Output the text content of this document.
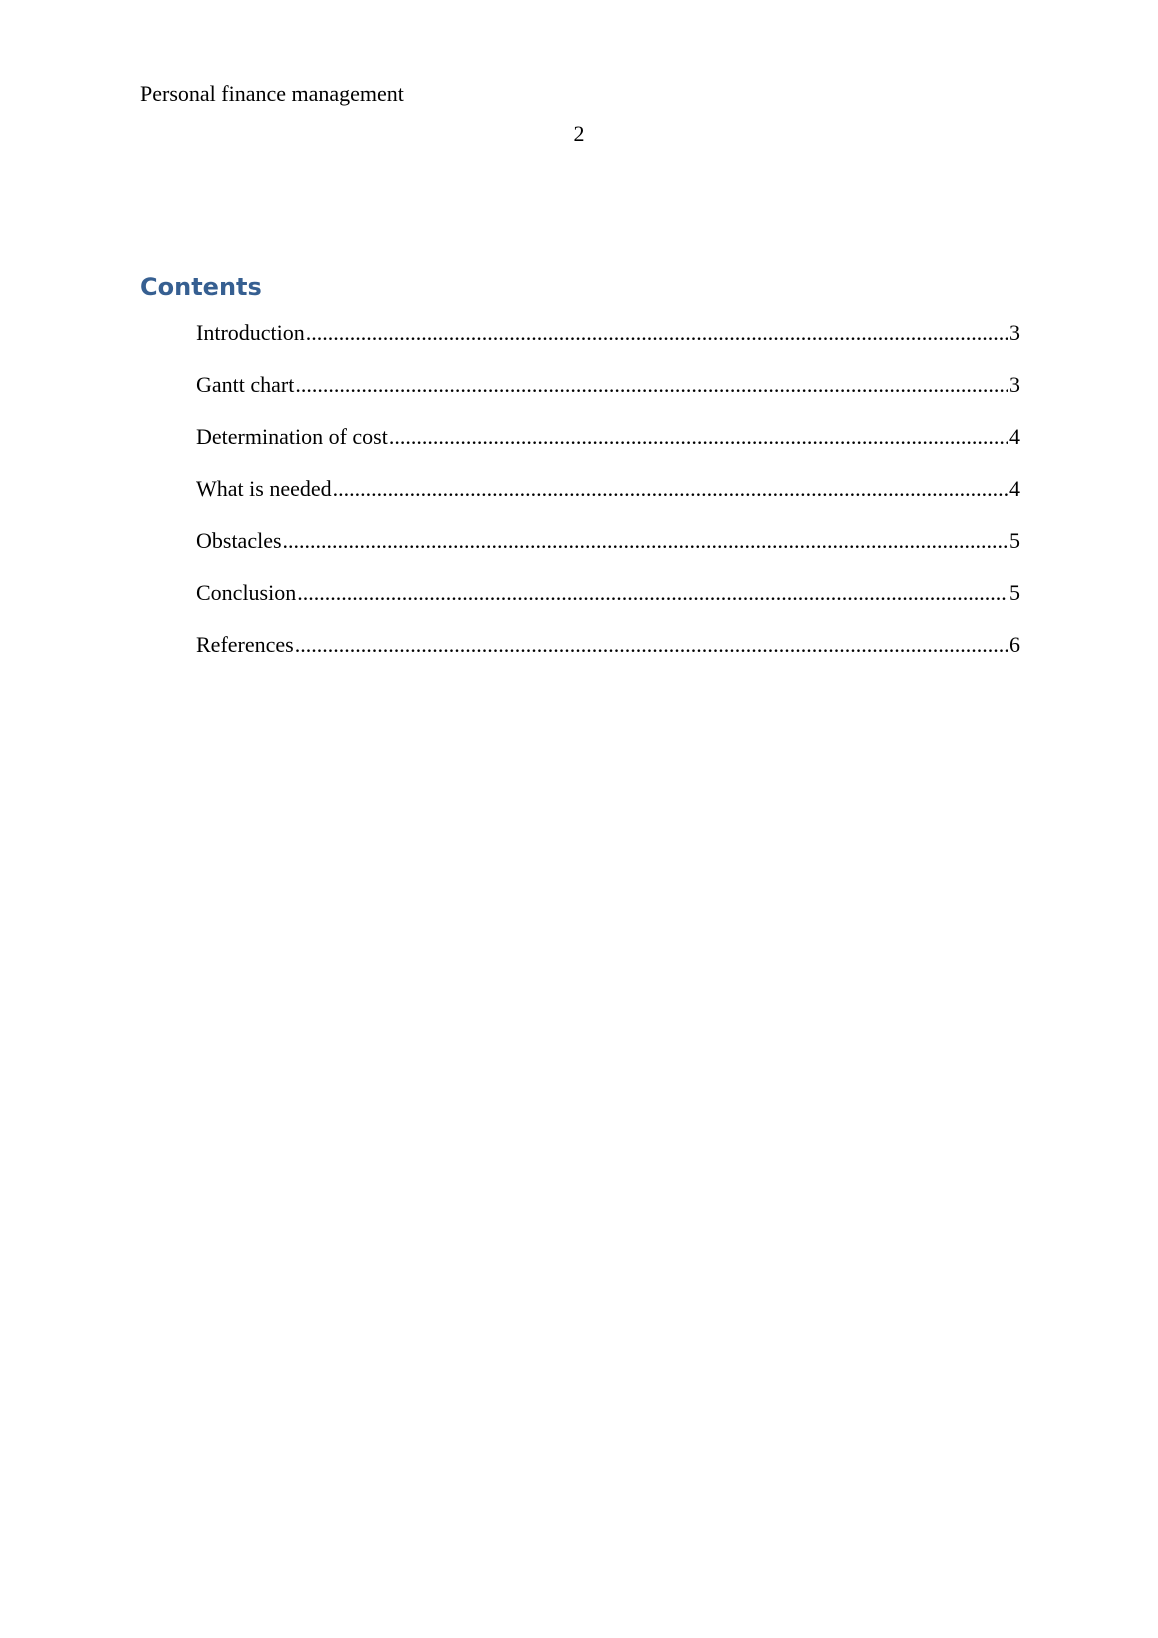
Personal finance management
2
Contents
Introduction .....	3
Gantt chart .....	3
Determination of cost .....	4
What is needed .....	4
Obstacles .....	5
Conclusion .....	5
References .....	6
